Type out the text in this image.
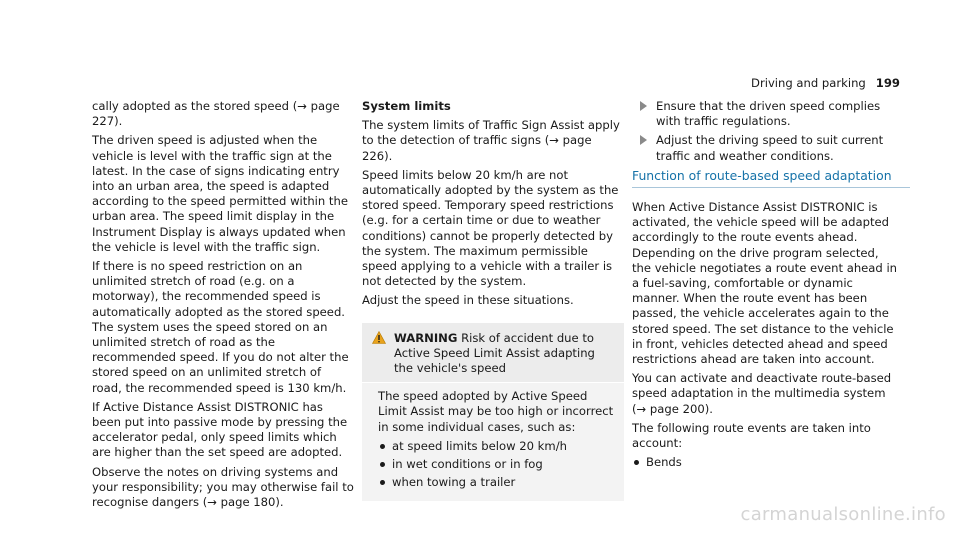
Driving and parking 199

cally adopted as the stored speed (→ page 227).

The driven speed is adjusted when the vehicle is level with the traffic sign at the latest. In the case of signs indicating entry into an urban area, the speed is adapted according to the speed permitted within the urban area. The speed limit display in the Instrument Display is always updated when the vehicle is level with the traffic sign.

If there is no speed restriction on an unlimited stretch of road (e.g. on a motorway), the recommended speed is automatically adopted as the stored speed. The system uses the speed stored on an unlimited stretch of road as the recommended speed. If you do not alter the stored speed on an unlimited stretch of road, the recommended speed is 130 km/h.

If Active Distance Assist DISTRONIC has been put into passive mode by pressing the accelerator pedal, only speed limits which are higher than the set speed are adopted.

Observe the notes on driving systems and your responsibility; you may otherwise fail to recognise dangers (→ page 180).

System limits

The system limits of Traffic Sign Assist apply to the detection of traffic signs (→ page 226).

Speed limits below 20 km/h are not automatically adopted by the system as the stored speed. Temporary speed restrictions (e.g. for a certain time or due to weather conditions) cannot be properly detected by the system. The maximum permissible speed applying to a vehicle with a trailer is not detected by the system.

Adjust the speed in these situations.

WARNING Risk of accident due to Active Speed Limit Assist adapting the vehicle's speed

The speed adopted by Active Speed Limit Assist may be too high or incorrect in some individual cases, such as:

at speed limits below 20 km/h
in wet conditions or in fog
when towing a trailer

Ensure that the driven speed complies with traffic regulations.

Adjust the driving speed to suit current traffic and weather conditions.

Function of route-based speed adaptation

When Active Distance Assist DISTRONIC is activated, the vehicle speed will be adapted accordingly to the route events ahead. Depending on the drive program selected, the vehicle negotiates a route event ahead in a fuel-saving, comfortable or dynamic manner. When the route event has been passed, the vehicle accelerates again to the stored speed. The set distance to the vehicle in front, vehicles detected ahead and speed restrictions ahead are taken into account.

You can activate and deactivate route-based speed adaptation in the multimedia system (→ page 200).

The following route events are taken into account:

Bends
carmanualsonline.info
